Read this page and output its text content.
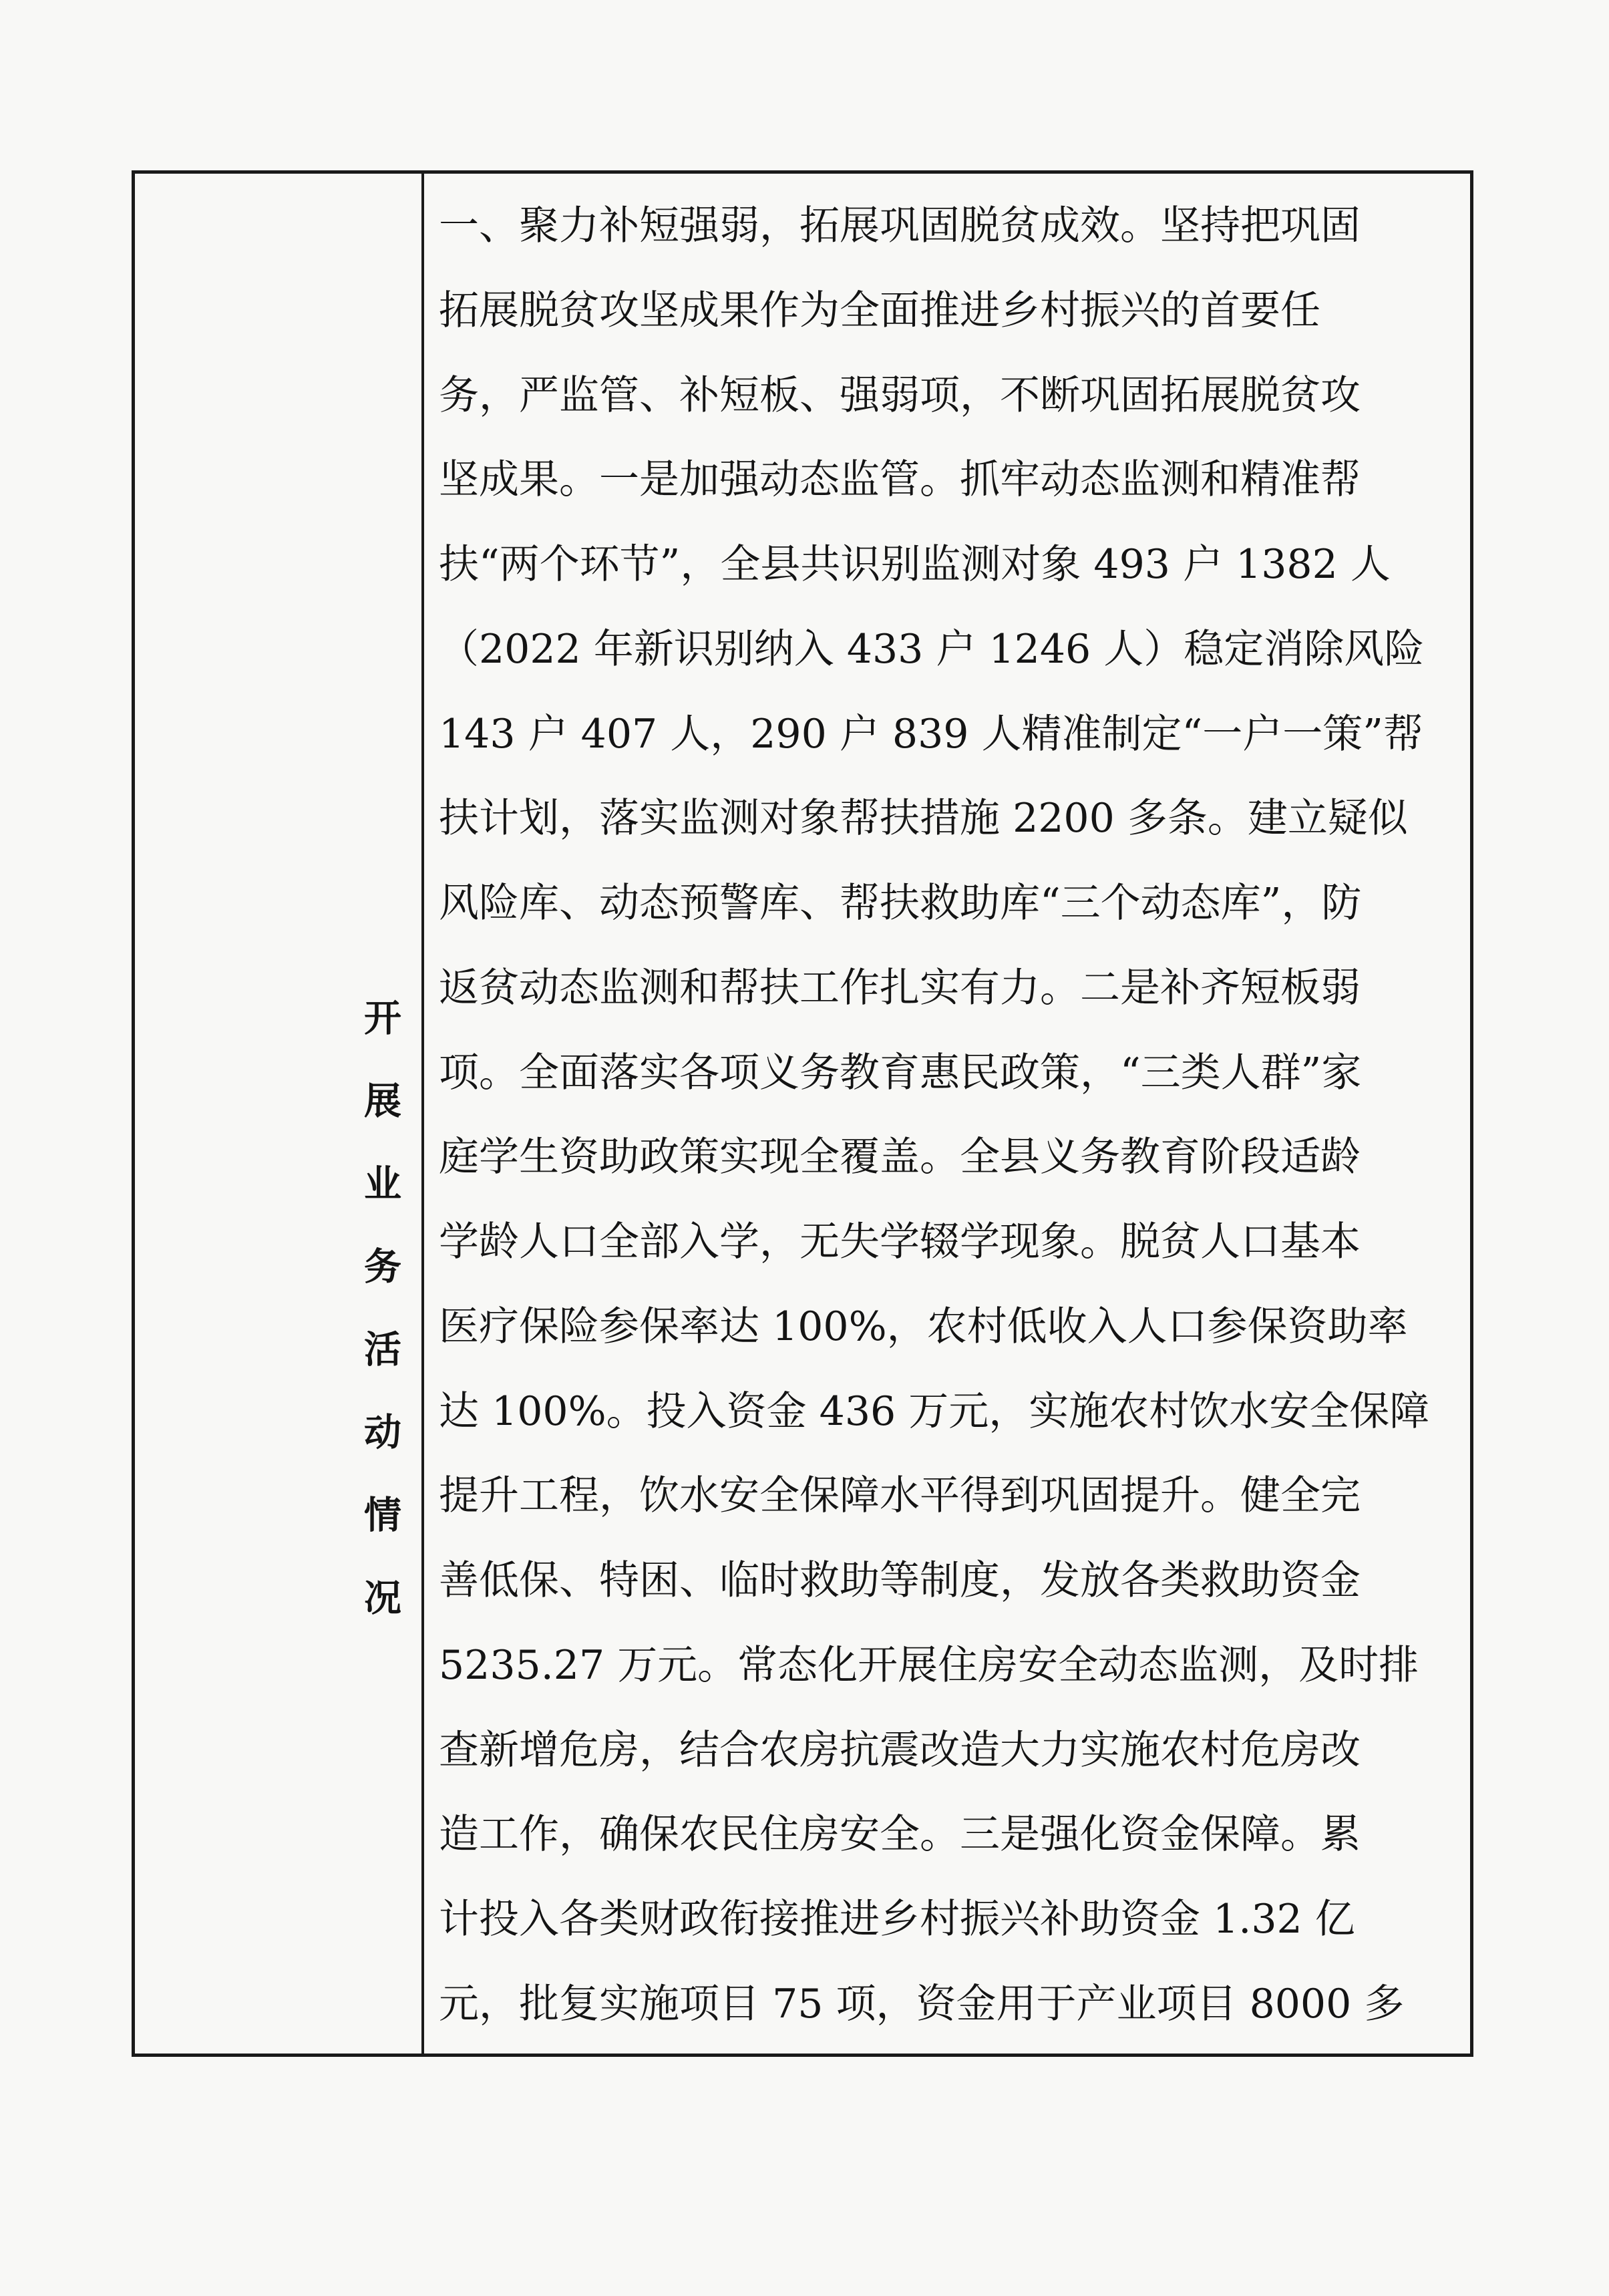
开展业务活动情况
一、聚力补短强弱，拓展巩固脱贫成效。坚持把巩固
拓展脱贫攻坚成果作为全面推进乡村振兴的首要任
务，严监管、补短板、强弱项，不断巩固拓展脱贫攻
坚成果。一是加强动态监管。抓牢动态监测和精准帮
扶“两个环节”，全县共识别监测对象 493 户 1382 人
（2022 年新识别纳入 433 户 1246 人）稳定消除风险
143 户 407 人，290 户 839 人精准制定“一户一策”帮
扶计划，落实监测对象帮扶措施 2200 多条。建立疑似
风险库、动态预警库、帮扶救助库“三个动态库”，防
返贫动态监测和帮扶工作扎实有力。二是补齐短板弱
项。全面落实各项义务教育惠民政策，“三类人群”家
庭学生资助政策实现全覆盖。全县义务教育阶段适龄
学龄人口全部入学，无失学辍学现象。脱贫人口基本
医疗保险参保率达 100%，农村低收入人口参保资助率
达 100%。投入资金 436 万元，实施农村饮水安全保障
提升工程，饮水安全保障水平得到巩固提升。健全完
善低保、特困、临时救助等制度，发放各类救助资金
5235.27 万元。常态化开展住房安全动态监测，及时排
查新增危房，结合农房抗震改造大力实施农村危房改
造工作，确保农民住房安全。三是强化资金保障。累
计投入各类财政衔接推进乡村振兴补助资金 1.32 亿
元，批复实施项目 75 项，资金用于产业项目 8000 多
